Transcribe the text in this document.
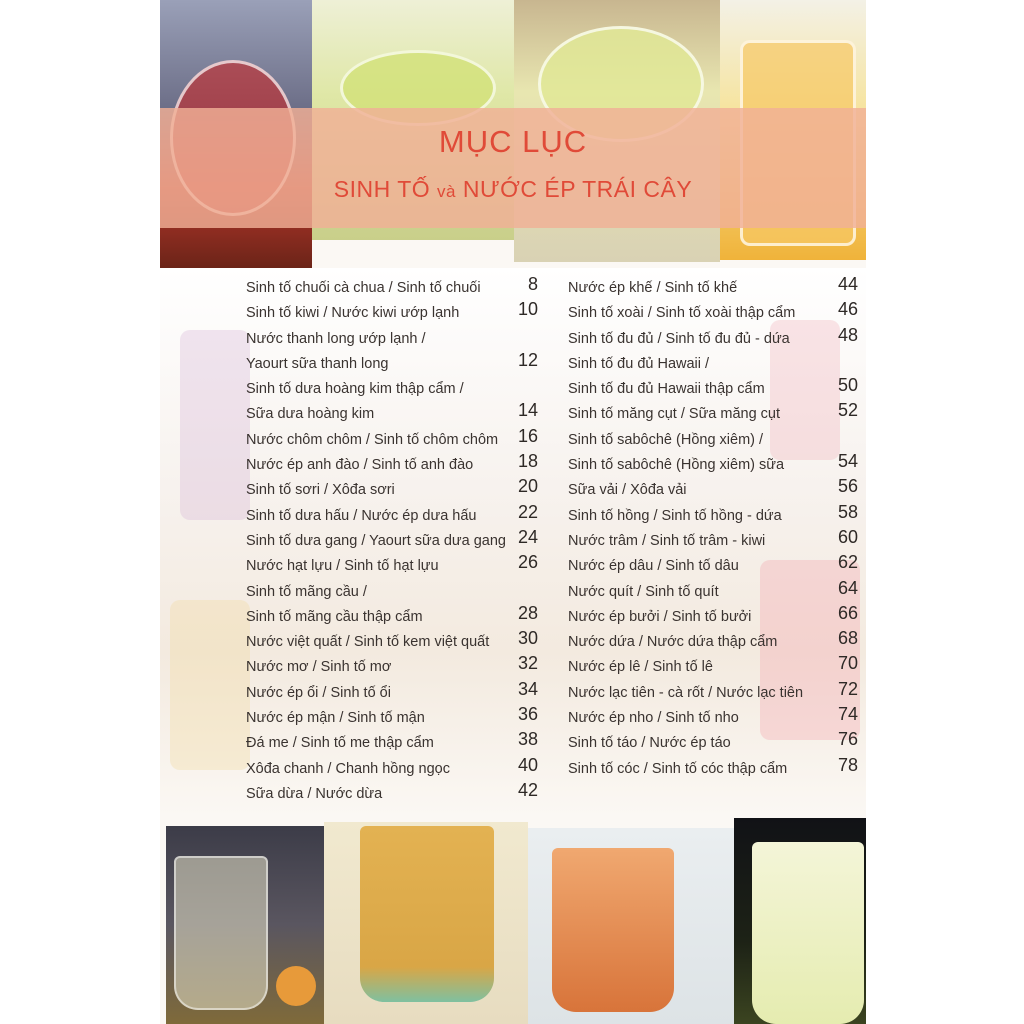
MỤC LỤC
SINH TỐ và NƯỚC ÉP TRÁI CÂY
Sinh tố chuối cà chua / Sinh tố chuối	8
Sinh tố kiwi / Nước kiwi ướp lạnh	10
Nước thanh long ướp lạnh /
Yaourt sữa thanh long	12
Sinh tố dưa hoàng kim thập cẩm /
Sữa dưa hoàng kim	14
Nước chôm chôm / Sinh tố chôm chôm 16
Nước ép anh đào / Sinh tố anh đào 18
Sinh tố sơri / Xôđa sơri	20
Sinh tố dưa hấu / Nước ép dưa hấu 22
Sinh tố dưa gang / Yaourt sữa dưa gang 24
Nước hạt lựu / Sinh tố hạt lựu	26
Sinh tố mãng cầu /
Sinh tố mãng cầu thập cẩm	28
Nước việt quất / Sinh tố kem việt quất 30
Nước mơ / Sinh tố mơ	32
Nước ép ổi / Sinh tố ổi	34
Nước ép mận / Sinh tố mận	36
Đá me / Sinh tố me thập cẩm	38
Xôđa chanh / Chanh hồng ngọc	40
Sữa dừa / Nước dừa	42
Nước ép khế / Sinh tố khế	44
Sinh tố xoài / Sinh tố xoài thập cẩm 46
Sinh tố đu đủ / Sinh tố đu đủ - dứa	48
Sinh tố đu đủ Hawaii /
Sinh tố đu đủ Hawaii thập cẩm	50
Sinh tố măng cụt / Sữa măng cụt	52
Sinh tố sabôchê (Hồng xiêm) /
Sinh tố sabôchê (Hồng xiêm) sữa	54
Sữa vải / Xôđa vải	56
Sinh tố hồng / Sinh tố hồng - dứa	58
Nước trâm / Sinh tố trâm - kiwi	60
Nước ép dâu / Sinh tố dâu	62
Nước quít / Sinh tố quít	64
Nước ép bưởi / Sinh tố bưởi	66
Nước dứa / Nước dứa thập cẩm	68
Nước ép lê / Sinh tố lê	70
Nước lạc tiên - cà rốt / Nước lạc tiên 72
Nước ép nho / Sinh tố nho	74
Sinh tố táo / Nước ép táo	76
Sinh tố cóc / Sinh tố cóc thập cẩm	78
